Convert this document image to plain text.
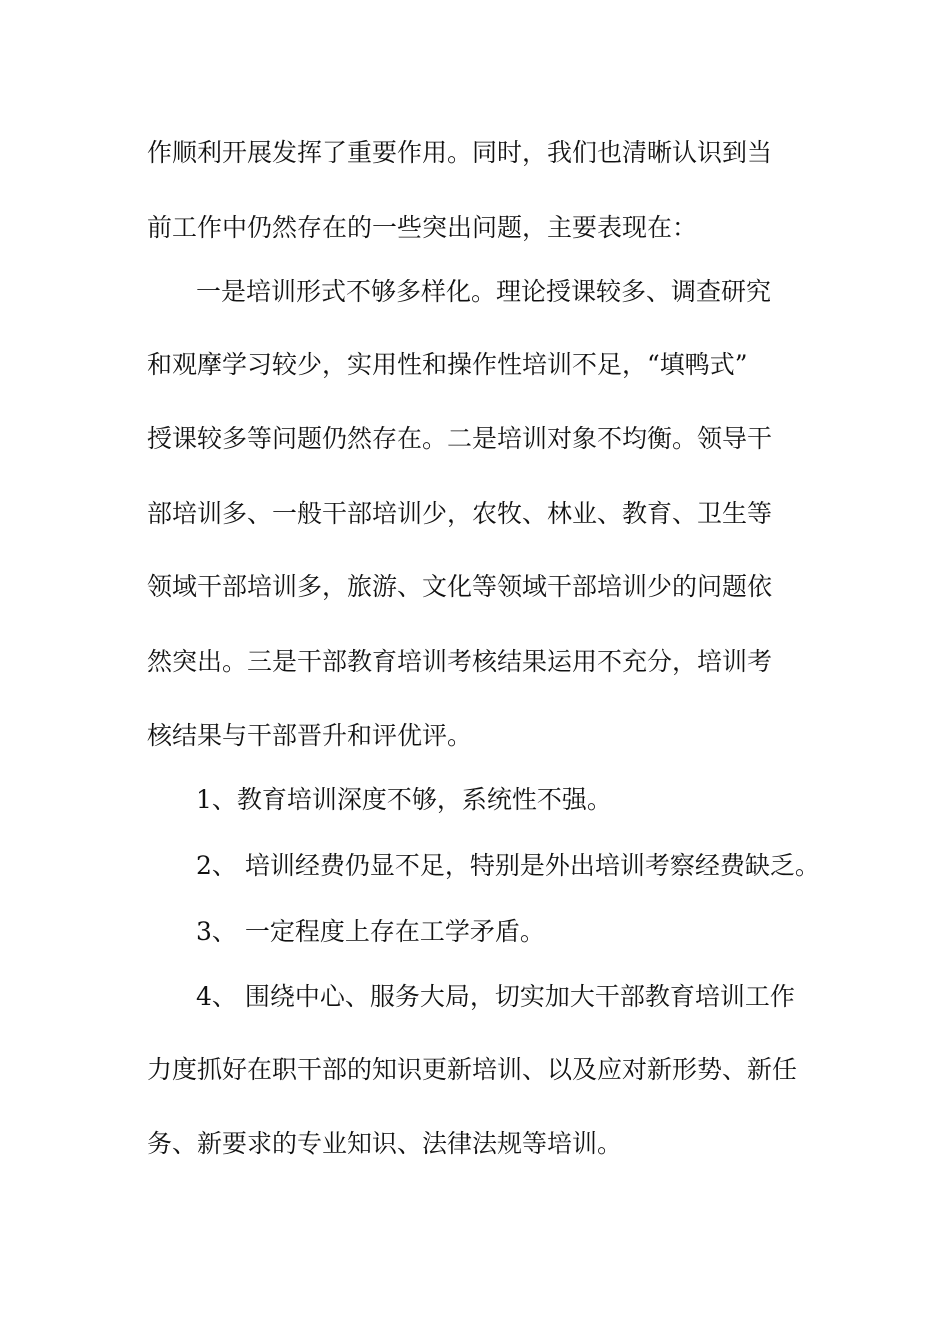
作顺利开展发挥了重要作用。同时，我们也清晰认识到当
前工作中仍然存在的一些突出问题，主要表现在：
一是培训形式不够多样化。理论授课较多、调查研究
和观摩学习较少，实用性和操作性培训不足，“填鸭式”
授课较多等问题仍然存在。二是培训对象不均衡。领导干
部培训多、一般干部培训少，农牧、林业、教育、卫生等
领域干部培训多，旅游、文化等领域干部培训少的问题依
然突出。三是干部教育培训考核结果运用不充分，培训考
核结果与干部晋升和评优评。
1、教育培训深度不够，系统性不强。
2、 培训经费仍显不足，特别是外出培训考察经费缺乏。
3、 一定程度上存在工学矛盾。
4、 围绕中心、服务大局，切实加大干部教育培训工作
力度抓好在职干部的知识更新培训、以及应对新形势、新任
务、新要求的专业知识、法律法规等培训。
